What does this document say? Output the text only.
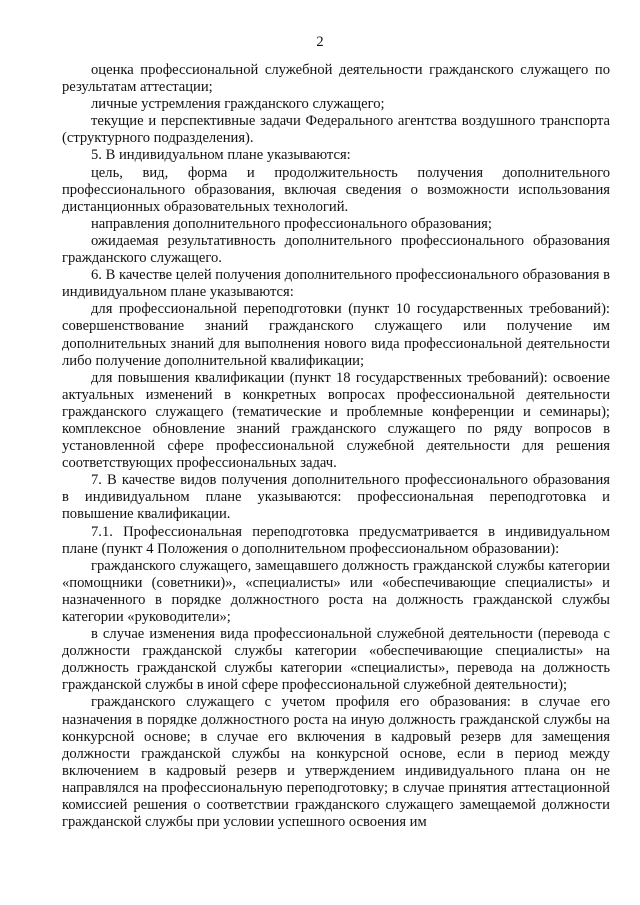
2

оценка профессиональной служебной деятельности гражданского служащего по результатам аттестации;

личные устремления гражданского служащего;

текущие и перспективные задачи Федерального агентства воздушного транспорта (структурного подразделения).

5. В индивидуальном плане указываются:

цель, вид, форма и продолжительность получения дополнительного профессионального образования, включая сведения о возможности использования дистанционных образовательных технологий.

направления дополнительного профессионального образования;

ожидаемая результативность дополнительного профессионального образования гражданского служащего.

6. В качестве целей получения дополнительного профессионального образования в индивидуальном плане указываются:

для профессиональной переподготовки (пункт 10 государственных требований): совершенствование знаний гражданского служащего или получение им дополнительных знаний для выполнения нового вида профессиональной деятельности либо получение дополнительной квалификации;

для повышения квалификации (пункт 18 государственных требований): освоение актуальных изменений в конкретных вопросах профессиональной деятельности гражданского служащего (тематические и проблемные конференции и семинары); комплексное обновление знаний гражданского служащего по ряду вопросов в установленной сфере профессиональной служебной деятельности для решения соответствующих профессиональных задач.

7. В качестве видов получения дополнительного профессионального образования в индивидуальном плане указываются: профессиональная переподготовка и повышение квалификации.

7.1. Профессиональная переподготовка предусматривается в индивидуальном плане (пункт 4 Положения о дополнительном профессиональном образовании):

гражданского служащего, замещавшего должность гражданской службы категории «помощники (советники)», «специалисты» или «обеспечивающие специалисты» и назначенного в порядке должностного роста на должность гражданской службы категории «руководители»;

в случае изменения вида профессиональной служебной деятельности (перевода с должности гражданской службы категории «обеспечивающие специалисты» на должность гражданской службы категории «специалисты», перевода на должность гражданской службы в иной сфере профессиональной служебной деятельности);

гражданского служащего с учетом профиля его образования: в случае его назначения в порядке должностного роста на иную должность гражданской службы на конкурсной основе; в случае его включения в кадровый резерв для замещения должности гражданской службы на конкурсной основе, если в период между включением в кадровый резерв и утверждением индивидуального плана он не направлялся на профессиональную переподготовку; в случае принятия аттестационной комиссией решения о соответствии гражданского служащего замещаемой должности гражданской службы при условии успешного освоения им
